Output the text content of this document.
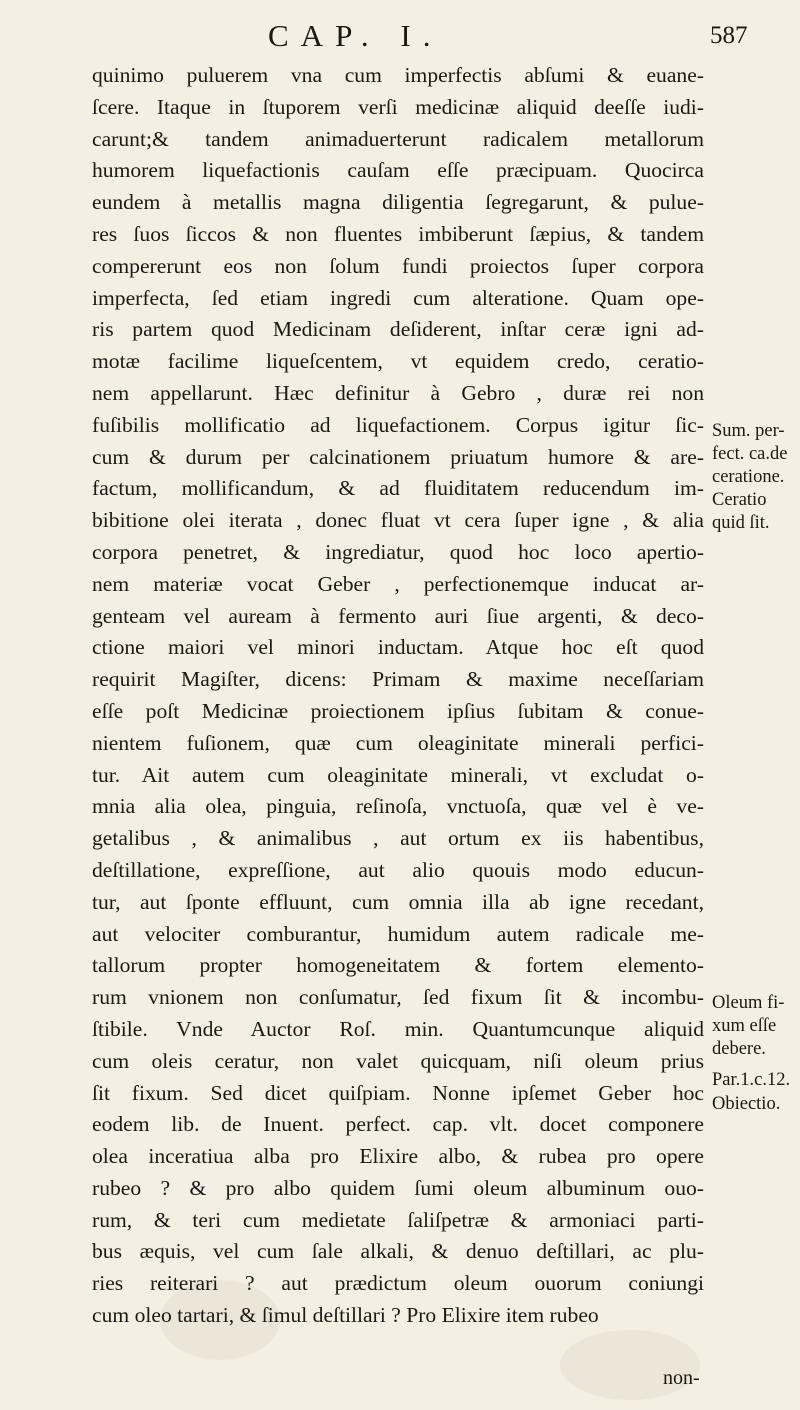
CAP. I.	587
quinimo puluerem vna cum imperfectis abſumi & euane-
ſcere. Itaque in ſtuporem verſi medicinæ aliquid deeſſe iudi-
carunt;& tandem animaduerterunt radicalem metallorum
humorem liquefactionis cauſam eſſe præcipuam. Quocirca
eundem à metallis magna diligentia ſegregarunt, & pulue-
res ſuos ſiccos & non fluentes imbiberunt ſæpius, & tandem
compererunt eos non ſolum fundi proiectos ſuper corpora
imperfecta, ſed etiam ingredi cum alteratione. Quam ope-
ris partem quod Medicinam deſiderent, inſtar ceræ igni ad-
motæ facilime liqueſcentem, vt equidem credo, ceratio-
nem appellarunt. Hæc definitur à Gebro , duræ rei non
fuſibilis mollificatio ad liquefactionem. Corpus igitur ſic-
cum & durum per calcinationem priuatum humore & are-
factum, mollificandum, & ad fluiditatem reducendum im-
bibitione olei iterata , donec fluat vt cera ſuper igne , & alia
corpora penetret, & ingrediatur, quod hoc loco apertio-
nem materiæ vocat Geber , perfectionemque inducat ar-
genteam vel auream à fermento auri ſiue argenti, & deco-
ctione maiori vel minori inductam. Atque hoc eſt quod
requirit Magiſter, dicens: Primam & maxime neceſſariam
eſſe poſt Medicinæ proiectionem ipſius ſubitam & conue-
nientem fuſionem, quæ cum oleaginitate minerali perfici-
tur. Ait autem cum oleaginitate minerali, vt excludat o-
mnia alia olea, pinguia, reſinoſa, vnctuoſa, quæ vel è ve-
getalibus , & animalibus , aut ortum ex iis habentibus,
deſtillatione, expreſſione, aut alio quouis modo educun-
tur, aut ſponte effluunt, cum omnia illa ab igne recedant,
aut velociter comburantur, humidum autem radicale me-
tallorum propter homogeneitatem & fortem elemento-
rum vnionem non conſumatur, ſed fixum ſit & incombu-
ſtibile. Vnde Auctor Roſ. min. Quantumcunque aliquid
cum oleis ceratur, non valet quicquam, niſi oleum prius
ſit fixum. Sed dicet quiſpiam. Nonne ipſemet Geber hoc
eodem lib. de Inuent. perfect. cap. vlt. docet componere
olea inceratiua alba pro Elixire albo, & rubea pro opere
rubeo ? & pro albo quidem ſumi oleum albuminum ouo-
rum, & teri cum medietate ſaliſpetræ & armoniaci parti-
bus æquis, vel cum ſale alkali, & denuo deſtillari, ac plu-
ries reiterari ? aut prædictum oleum ouorum coniungi
cum oleo tartari, & ſimul deſtillari ? Pro Elixire item rubeo
Sum. per-
fect. ca.de
ceratione.
Ceratio
quid ſit.
Oleum fi-
xum eſſe
debere.
Par.1.c.12.
Obiectio.
non-
